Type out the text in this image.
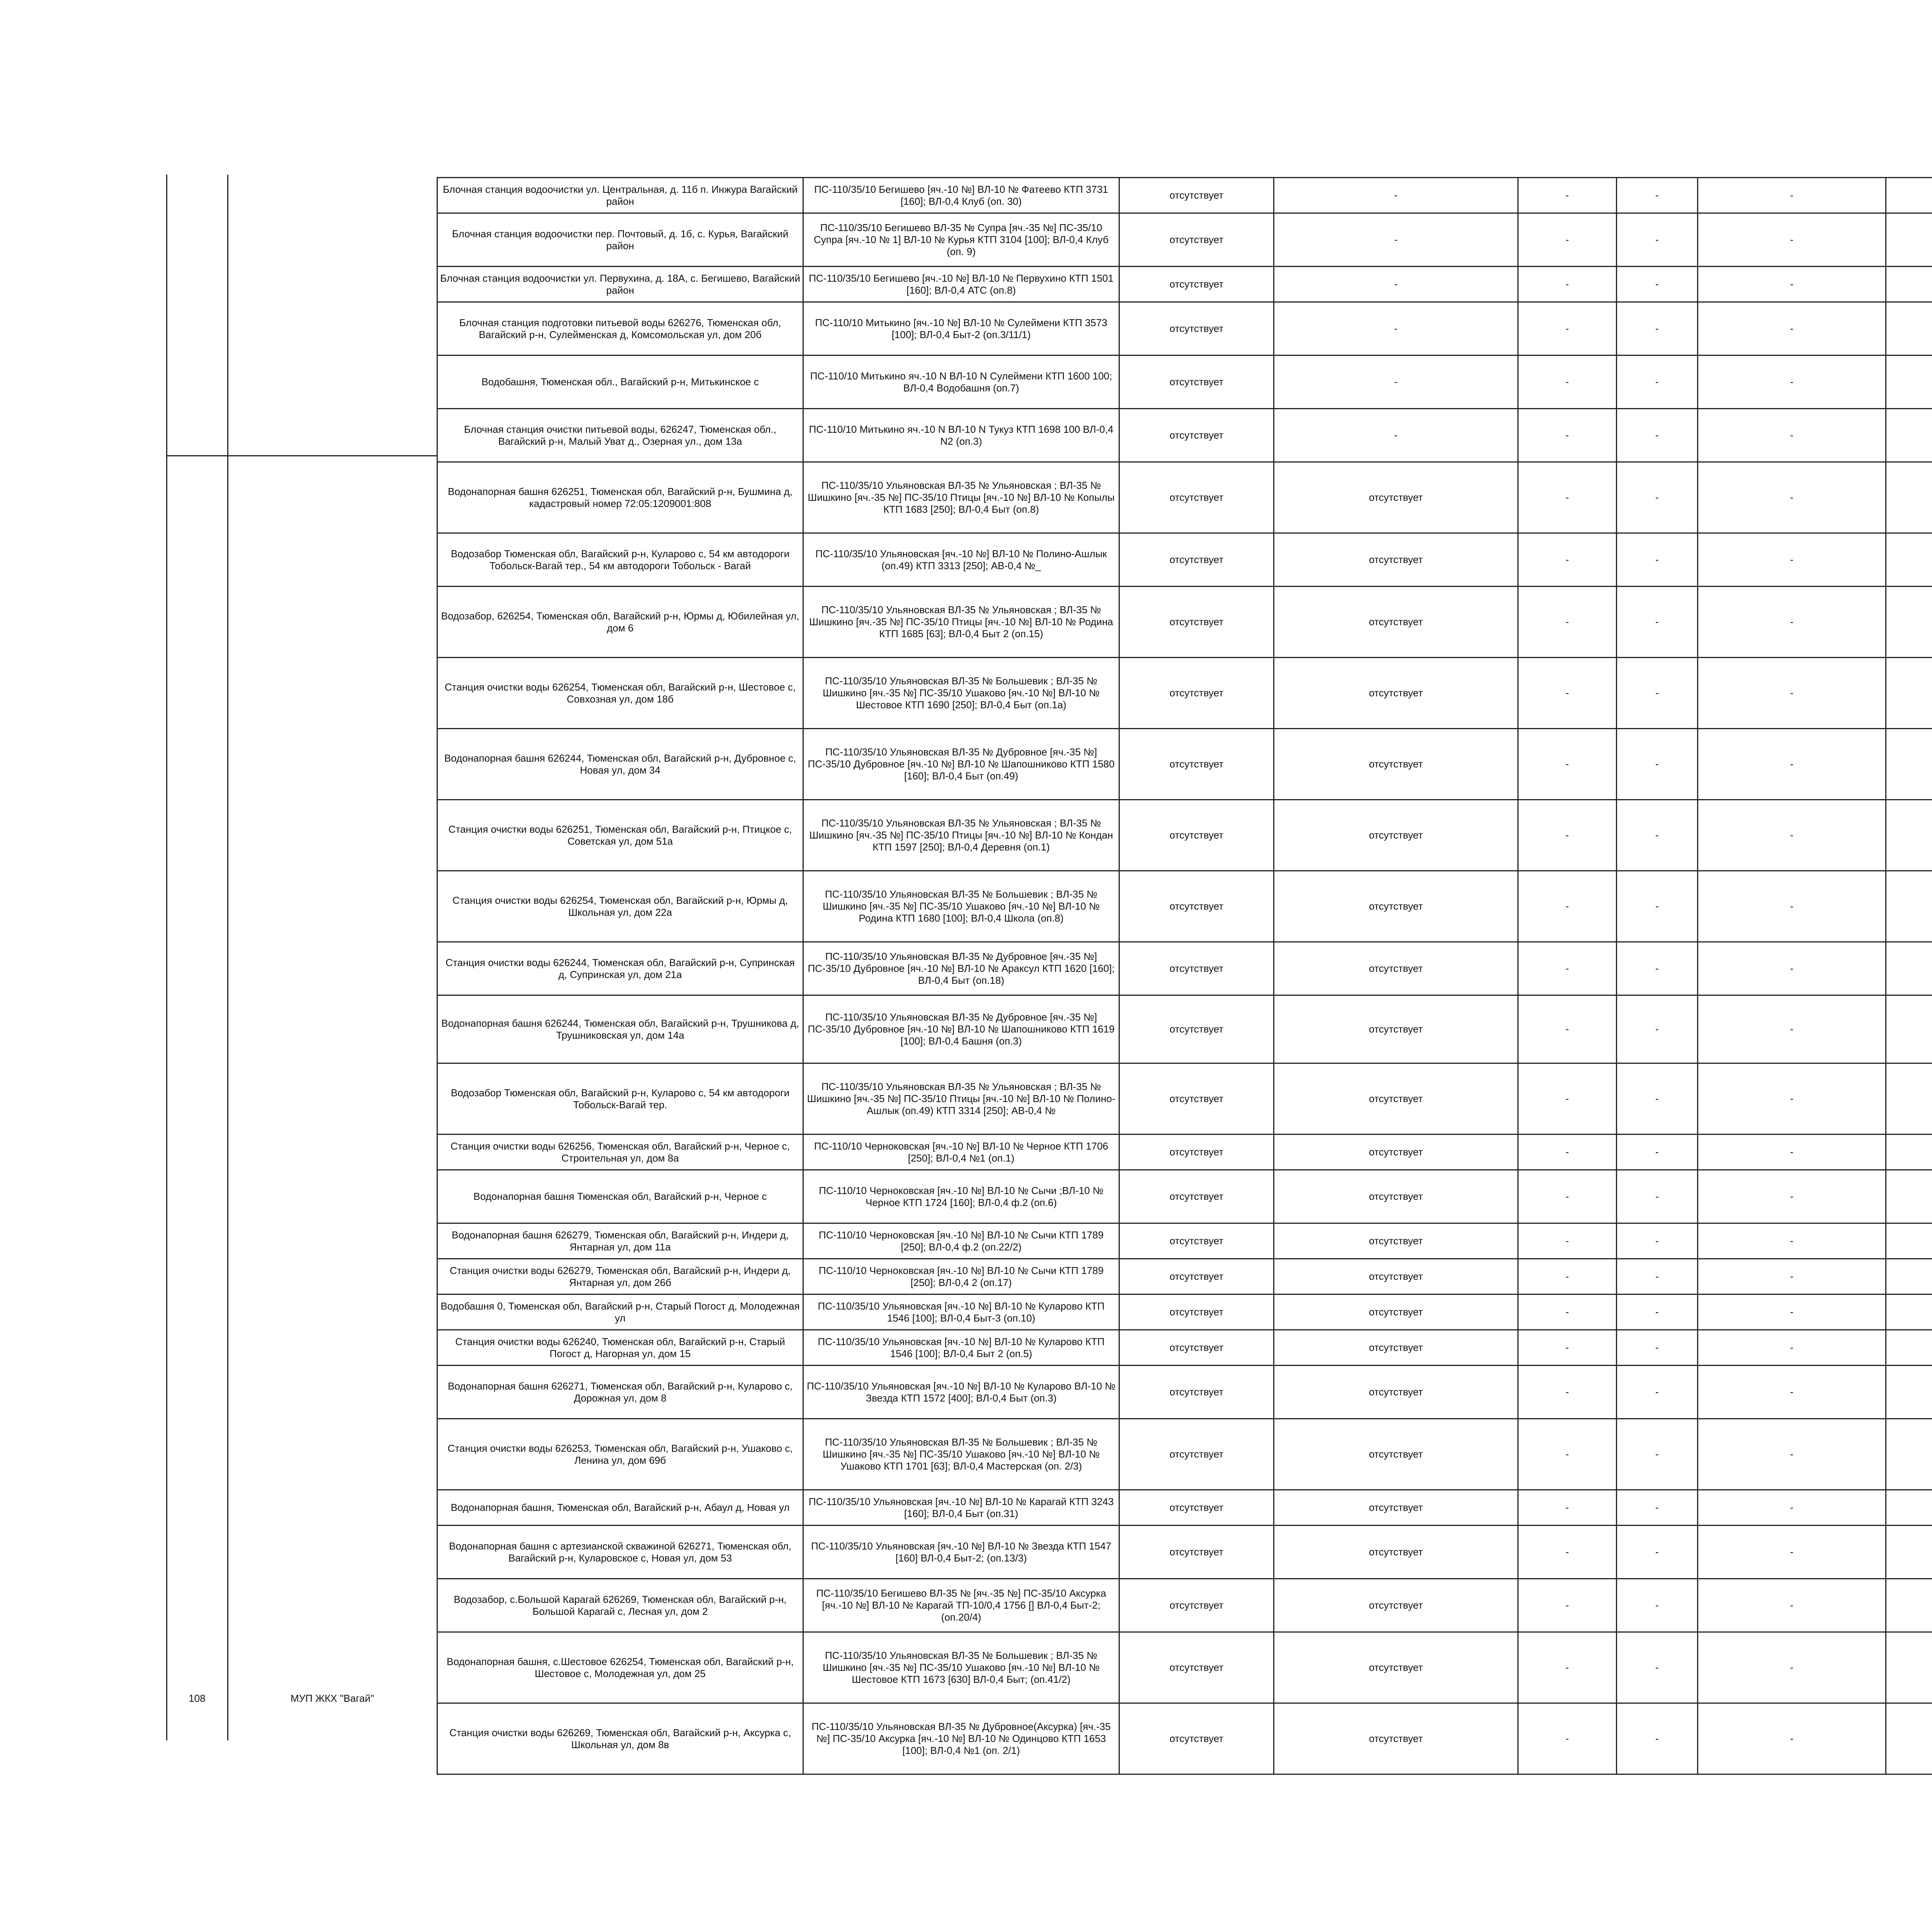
108	МУП ЖКХ "Вагай"
Блочная станция водоочистки ул. Центральная, д. 11б п. Инжура Вагайский район	ПС-110/35/10 Бегишево [яч.-10 №] ВЛ-10 № Фатеево КТП 3731 [160]; ВЛ-0,4 Клуб (оп. 30)	отсутствует	-	-	-	-		
Блочная станция водоочистки пер. Почтовый, д. 1б, с. Курья, Вагайский район	ПС-110/35/10 Бегишево ВЛ-35 № Супра [яч.-35 №] ПС-35/10 Супра [яч.-10 № 1] ВЛ-10 № Курья КТП 3104 [100]; ВЛ-0,4 Клуб (оп. 9)	отсутствует	-	-	-	-		
Блочная станция водоочистки ул. Первухина, д. 18А, с. Бегишево, Вагайский район	ПС-110/35/10 Бегишево [яч.-10 №] ВЛ-10 № Первухино КТП 1501 [160]; ВЛ-0,4 АТС (оп.8)	отсутствует	-	-	-	-		
Блочная станция подготовки питьевой воды 626276, Тюменская обл, Вагайский р-н, Сулейменская д, Комсомольская ул, дом 20б	ПС-110/10 Митькино [яч.-10 №] ВЛ-10 № Сулеймени КТП 3573 [100]; ВЛ-0,4 Быт-2 (оп.3/11/1)	отсутствует	-	-	-	-		
Водобашня, Тюменская обл., Вагайский р-н, Митькинское с	ПС-110/10 Митькино яч.-10 N ВЛ-10 N Сулеймени КТП 1600 100; ВЛ-0,4 Водобашня (оп.7)	отсутствует	-	-	-	-		
Блочная станция очистки питьевой воды, 626247, Тюменская обл., Вагайский р-н, Малый Уват д., Озерная ул., дом 13а	ПС-110/10 Митькино яч.-10 N ВЛ-10 N Тукуз КТП 1698 100 ВЛ-0,4 N2 (оп.3)	отсутствует	-	-	-	-		
Водонапорная башня 626251, Тюменская обл, Вагайский р-н, Бушмина д, кадастровый номер 72:05:1209001:808	ПС-110/35/10 Ульяновская ВЛ-35 № Ульяновская ; ВЛ-35 № Шишкино [яч.-35 №] ПС-35/10 Птицы [яч.-10 №] ВЛ-10 № Копылы КТП 1683 [250]; ВЛ-0,4 Быт (оп.8)	отсутствует	отсутствует	-	-	-		
Водозабор Тюменская обл, Вагайский р-н, Куларово с, 54 км автодороги Тобольск-Вагай тер., 54 км автодороги Тобольск - Вагай	ПС-110/35/10 Ульяновская [яч.-10 №] ВЛ-10 № Полино-Ашлык (оп.49) КТП 3313 [250]; АВ-0,4 №_	отсутствует	отсутствует	-	-	-		
Водозабор, 626254, Тюменская обл, Вагайский р-н, Юрмы д, Юбилейная ул, дом 6	ПС-110/35/10 Ульяновская ВЛ-35 № Ульяновская ; ВЛ-35 № Шишкино [яч.-35 №] ПС-35/10 Птицы [яч.-10 №] ВЛ-10 № Родина КТП 1685 [63]; ВЛ-0,4 Быт 2 (оп.15)	отсутствует	отсутствует	-	-	-		
Станция очистки воды 626254, Тюменская обл, Вагайский р-н, Шестовое с, Совхозная ул, дом 18б	ПС-110/35/10 Ульяновская ВЛ-35 № Большевик ; ВЛ-35 № Шишкино [яч.-35 №] ПС-35/10 Ушаково [яч.-10 №] ВЛ-10 № Шестовое КТП 1690 [250]; ВЛ-0,4 Быт (оп.1а)	отсутствует	отсутствует	-	-	-		
Водонапорная башня 626244, Тюменская обл, Вагайский р-н, Дубровное с, Новая ул, дом 34	ПС-110/35/10 Ульяновская ВЛ-35 № Дубровное [яч.-35 №] ПС-35/10 Дубровное [яч.-10 №] ВЛ-10 № Шапошниково КТП 1580 [160]; ВЛ-0,4 Быт (оп.49)	отсутствует	отсутствует	-	-	-		
Станция очистки воды 626251, Тюменская обл, Вагайский р-н, Птицкое с, Советская ул, дом 51а	ПС-110/35/10 Ульяновская ВЛ-35 № Ульяновская ; ВЛ-35 № Шишкино [яч.-35 №] ПС-35/10 Птицы [яч.-10 №] ВЛ-10 № Кондан КТП 1597 [250]; ВЛ-0,4 Деревня (оп.1)	отсутствует	отсутствует	-	-	-		
Станция очистки воды 626254, Тюменская обл, Вагайский р-н, Юрмы д, Школьная ул, дом 22а	ПС-110/35/10 Ульяновская ВЛ-35 № Большевик ; ВЛ-35 № Шишкино [яч.-35 №] ПС-35/10 Ушаково [яч.-10 №] ВЛ-10 № Родина КТП 1680 [100]; ВЛ-0,4 Школа (оп.8)	отсутствует	отсутствует	-	-	-		
Станция очистки воды 626244, Тюменская обл, Вагайский р-н, Супринская д, Супринская ул, дом 21а	ПС-110/35/10 Ульяновская ВЛ-35 № Дубровное [яч.-35 №] ПС-35/10 Дубровное [яч.-10 №] ВЛ-10 № Араксул КТП 1620 [160]; ВЛ-0,4 Быт (оп.18)	отсутствует	отсутствует	-	-	-		
Водонапорная башня 626244, Тюменская обл, Вагайский р-н, Трушникова д, Трушниковская ул, дом 14а	ПС-110/35/10 Ульяновская ВЛ-35 № Дубровное [яч.-35 №] ПС-35/10 Дубровное [яч.-10 №] ВЛ-10 № Шапошниково КТП 1619 [100]; ВЛ-0,4 Башня (оп.3)	отсутствует	отсутствует	-	-	-		
Водозабор Тюменская обл, Вагайский р-н, Куларово с, 54 км автодороги Тобольск-Вагай тер.	ПС-110/35/10 Ульяновская ВЛ-35 № Ульяновская ; ВЛ-35 № Шишкино [яч.-35 №] ПС-35/10 Птицы [яч.-10 №] ВЛ-10 № Полино-Ашлык (оп.49) КТП 3314 [250]; АВ-0,4 №	отсутствует	отсутствует	-	-	-		
Станция очистки воды 626256, Тюменская обл, Вагайский р-н, Черное с, Строительная ул, дом 8а	ПС-110/10 Черноковская [яч.-10 №] ВЛ-10 № Черное КТП 1706 [250]; ВЛ-0,4 №1 (оп.1)	отсутствует	отсутствует	-	-	-		
Водонапорная башня Тюменская обл, Вагайский р-н, Черное с	ПС-110/10 Черноковская [яч.-10 №] ВЛ-10 № Сычи ;ВЛ-10 № Черное КТП 1724 [160]; ВЛ-0,4 ф.2 (оп.6)	отсутствует	отсутствует	-	-	-		
Водонапорная башня 626279, Тюменская обл, Вагайский р-н, Индери д, Янтарная ул, дом 11а	ПС-110/10 Черноковская [яч.-10 №] ВЛ-10 № Сычи КТП 1789 [250]; ВЛ-0,4 ф.2 (оп.22/2)	отсутствует	отсутствует	-	-	-		
Станция очистки воды 626279, Тюменская обл, Вагайский р-н, Индери д, Янтарная ул, дом 26б	ПС-110/10 Черноковская [яч.-10 №] ВЛ-10 № Сычи КТП 1789 [250]; ВЛ-0,4 2 (оп.17)	отсутствует	отсутствует	-	-	-		
Водобашня 0, Тюменская обл, Вагайский р-н, Старый Погост д, Молодежная ул	ПС-110/35/10 Ульяновская [яч.-10 №] ВЛ-10 № Куларово КТП 1546 [100]; ВЛ-0,4 Быт-3 (оп.10)	отсутствует	отсутствует	-	-	-		
Станция очистки воды 626240, Тюменская обл, Вагайский р-н, Старый Погост д, Нагорная ул, дом 15	ПС-110/35/10 Ульяновская [яч.-10 №] ВЛ-10 № Куларово КТП 1546 [100]; ВЛ-0,4 Быт 2 (оп.5)	отсутствует	отсутствует	-	-	-		
Водонапорная башня 626271, Тюменская обл, Вагайский р-н, Куларово с, Дорожная ул, дом 8	ПС-110/35/10 Ульяновская [яч.-10 №] ВЛ-10 № Куларово ВЛ-10 № Звезда КТП 1572 [400]; ВЛ-0,4 Быт (оп.3)	отсутствует	отсутствует	-	-	-		
Станция очистки воды 626253, Тюменская обл, Вагайский р-н, Ушаково с, Ленина ул, дом 69б	ПС-110/35/10 Ульяновская ВЛ-35 № Большевик ; ВЛ-35 № Шишкино [яч.-35 №] ПС-35/10 Ушаково [яч.-10 №] ВЛ-10 № Ушаково КТП 1701 [63]; ВЛ-0,4 Мастерская (оп. 2/3)	отсутствует	отсутствует	-	-	-		
Водонапорная башня, Тюменская обл, Вагайский р-н, Абаул д, Новая ул	ПС-110/35/10 Ульяновская [яч.-10 №] ВЛ-10 № Карагай КТП 3243 [160]; ВЛ-0,4 Быт (оп.31)	отсутствует	отсутствует	-	-	-		
Водонапорная башня с артезианской скважиной 626271, Тюменская обл, Вагайский р-н, Куларовское с, Новая ул, дом 53	ПС-110/35/10 Ульяновская [яч.-10 №] ВЛ-10 № Звезда КТП 1547 [160] ВЛ-0,4 Быт-2; (оп.13/3)	отсутствует	отсутствует	-	-	-		
Водозабор, с.Большой Карагай 626269, Тюменская обл, Вагайский р-н, Большой Карагай с, Лесная ул, дом 2	ПС-110/35/10 Бегишево ВЛ-35 № [яч.-35 №] ПС-35/10 Аксурка [яч.-10 №] ВЛ-10 № Карагай ТП-10/0,4 1756 [] ВЛ-0,4 Быт-2; (оп.20/4)	отсутствует	отсутствует	-	-	-		
Водонапорная башня, с.Шестовое 626254, Тюменская обл, Вагайский р-н, Шестовое с, Молодежная ул, дом 25	ПС-110/35/10 Ульяновская ВЛ-35 № Большевик ; ВЛ-35 № Шишкино [яч.-35 №] ПС-35/10 Ушаково [яч.-10 №] ВЛ-10 № Шестовое КТП 1673 [630] ВЛ-0,4 Быт; (оп.41/2)	отсутствует	отсутствует	-	-	-		
Станция очистки воды 626269, Тюменская обл, Вагайский р-н, Аксурка с, Школьная ул, дом 8в	ПС-110/35/10 Ульяновская ВЛ-35 № Дубровное(Аксурка) [яч.-35 №] ПС-35/10 Аксурка [яч.-10 №] ВЛ-10 № Одинцово КТП 1653 [100]; ВЛ-0,4 №1 (оп. 2/1)	отсутствует	отсутствует	-	-	-		
